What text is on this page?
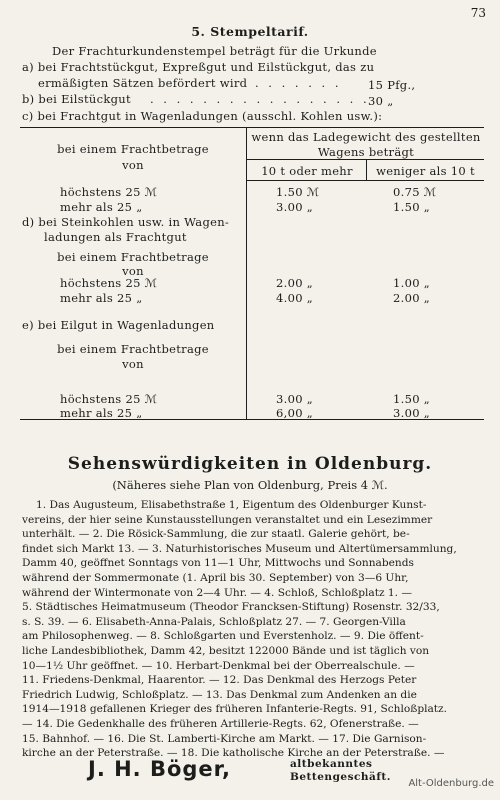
73
5. Stempeltarif.
Der Frachturkundenstempel beträgt für die Urkunde
a) bei Frachtstückgut, Expreßgut und Eilstückgut, das zu
ermäßigten Sätzen befördert wird . . . . . . . 15 Pfg.,
b) bei Eilstückgut . . . . . . . . . . . . . . . . .
30 „
c) bei Frachtgut in Wagenladungen (ausschl. Kohlen usw.):
bei einem Frachtbetrage
von
wenn das Ladegewicht des gestellten
Wagens beträgt
10 t oder mehr	weniger als 10 t
höchstens 25 ℳ	1.50 ℳ	0.75 ℳ
mehr als 25 „	3.00 „	1.50 „
d) bei Steinkohlen usw. in Wagen-
ladungen als Frachtgut
bei einem Frachtbetrage
von
höchstens 25 ℳ	2.00 „	1.00 „
mehr als 25 „	4.00 „	2.00 „
e) bei Eilgut in Wagenladungen
bei einem Frachtbetrage
von
höchstens 25 ℳ	3.00 „	1.50 „
mehr als 25 „	6,00 „	3.00 „
Sehenswürdigkeiten in Oldenburg.
(Näheres siehe Plan von Oldenburg, Preis 4 ℳ.
1. Das Augusteum, Elisabethstraße 1, Eigentum des Oldenburger Kunst-
vereins, der hier seine Kunstausstellungen veranstaltet und ein Lesezimmer
unterhält. — 2. Die Rösick-Sammlung, die zur staatl. Galerie gehört, be-
findet sich Markt 13. — 3. Naturhistorisches Museum und Altertümersammlung,
Damm 40, geöffnet Sonntags von 11—1 Uhr, Mittwochs und Sonnabends
während der Sommermonate (1. April bis 30. September) von 3—6 Uhr,
während der Wintermonate von 2—4 Uhr. — 4. Schloß, Schloßplatz 1. —
5. Städtisches Heimatmuseum (Theodor Francksen-Stiftung) Rosenstr. 32/33,
s. S. 39. — 6. Elisabeth-Anna-Palais, Schloßplatz 27. — 7. Georgen-Villa
am Philosophenweg. — 8. Schloßgarten und Everstenholz. — 9. Die öffent-
liche Landesbibliothek, Damm 42, besitzt 122000 Bände und ist täglich von
10—1½ Uhr geöffnet. — 10. Herbart-Denkmal bei der Oberrealschule. —
11. Friedens-Denkmal, Haarentor. — 12. Das Denkmal des Herzogs Peter
Friedrich Ludwig, Schloßplatz. — 13. Das Denkmal zum Andenken an die
1914—1918 gefallenen Krieger des früheren Infanterie-Regts. 91, Schloßplatz.
— 14. Die Gedenkhalle des früheren Artillerie-Regts. 62, Ofenerstraße. —
15. Bahnhof. — 16. Die St. Lamberti-Kirche am Markt. — 17. Die Garnison-
kirche an der Peterstraße. — 18. Die katholische Kirche an der Peterstraße. —
J. H. Böger,	altbekanntes
Bettengeschäft.
Alt-Oldenburg.de
